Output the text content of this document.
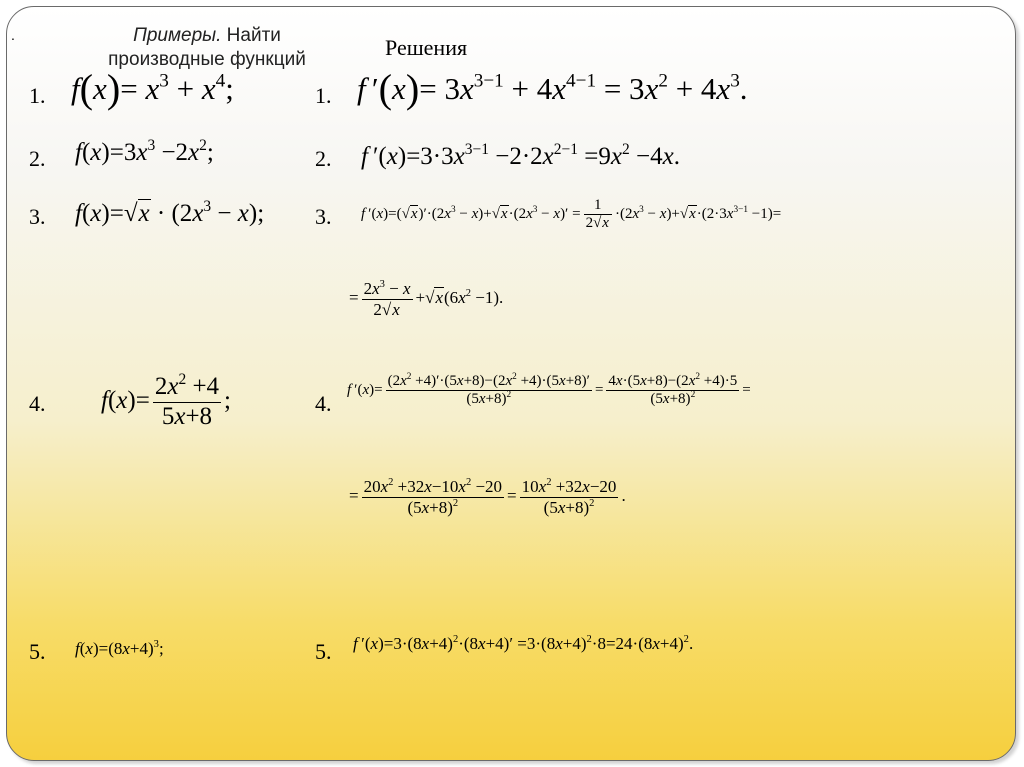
.	Примеры. Найти
производные функций	Решения
1.
2.
3.
4.
5.
1.
2.
3.
4.
5.
$f(x)= x^3 + x^4$;
$f(x)=3x^3 -2x^2$;
$f(x)=√x \cdot (2x^3 - x)$;
$f(x)= \frac{2x^2 +4}{5x+8}$ ;
$f(x)=(8x+4)^3$;
f $'(x)= 3x^{3-1} + 4x^{4-1} = 3x^2 + 4x^3$.
f $'(x)=3\cdot 3x^{3-1} -2\cdot 2x^{2-1} =9x^2 -4x$.
f $'(x)=(√x)'\cdot(2x^3 - x)+√x\cdot(2x^3 - x)' = \frac{1}{2√x} \cdot(2x^3 - x)+√x\cdot(2\cdot 3x^{3-1} -1)=$
= $\frac{2x^3 - x}{2√x} +√x(6x^2 -1)$.
f $'(x)= \frac{(2x^2 +4)'\cdot(5x+8)-(2x^2 +4)\cdot(5x+8)'}{(5x+8)^2} = \frac{4x\cdot(5x+8)-(2x^2 +4)\cdot 5}{(5x+8)^2}$ =
= $\frac{20x^2 +32x-10x^2 -20}{(5x+8)^2} = \frac{10x^2 +32x-20}{(5x+8)^2}$ .
f $'(x)=3\cdot(8x+4)^2\cdot(8x+4)' =3\cdot(8x+4)^2\cdot 8=24\cdot(8x+4)^2$.
